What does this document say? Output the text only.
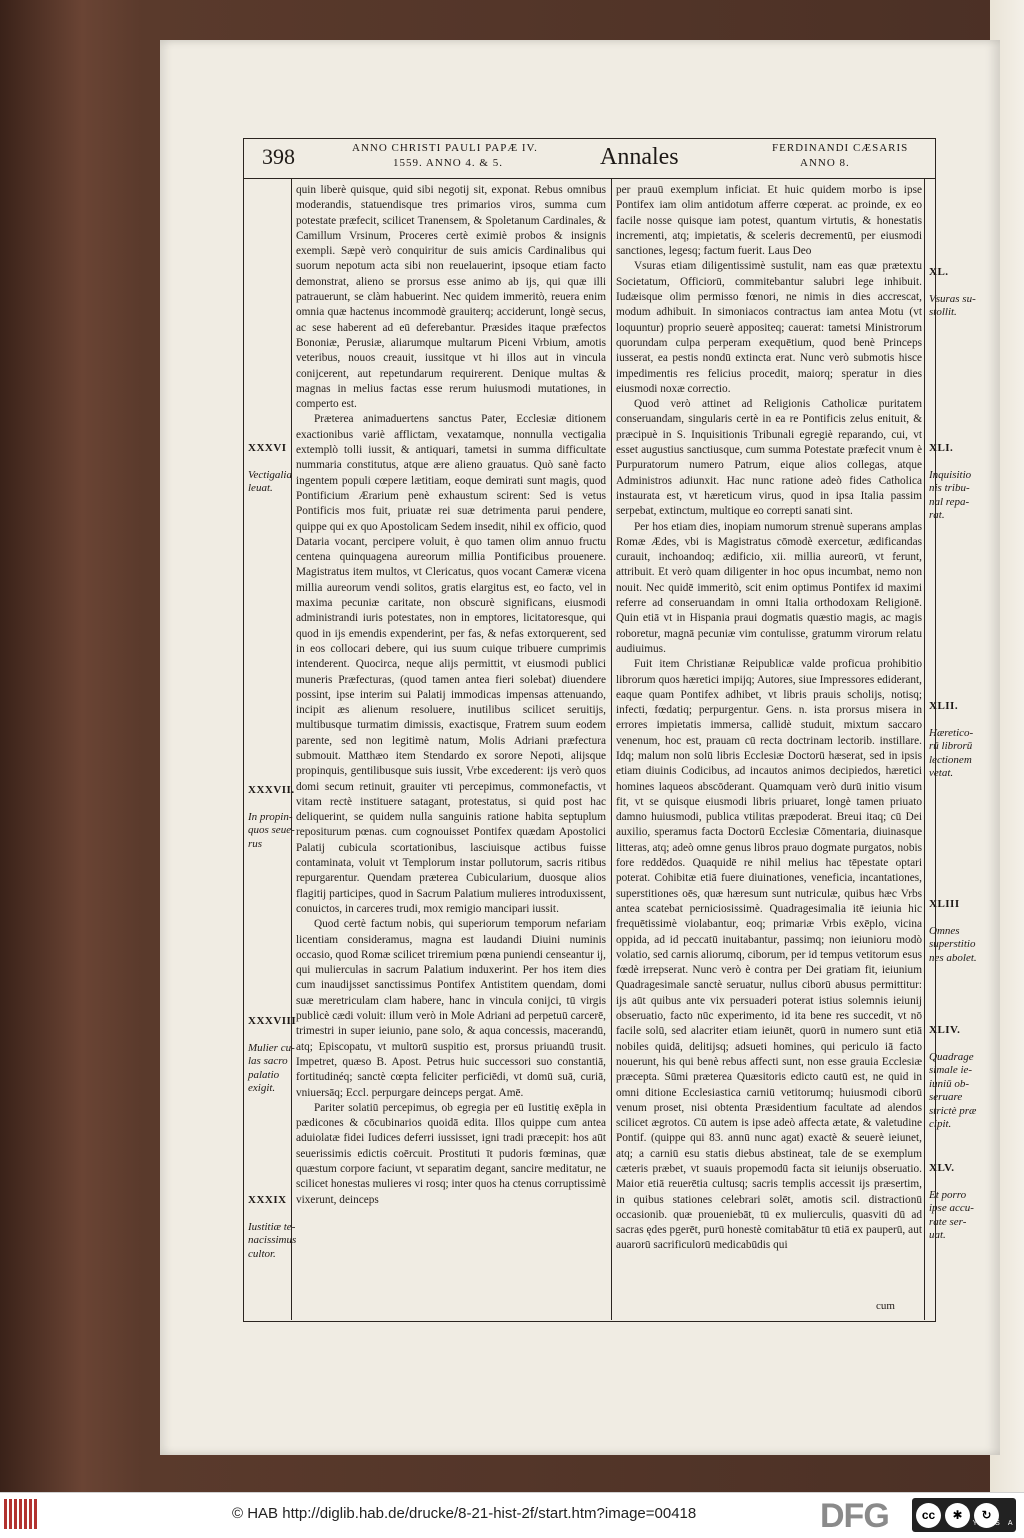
398	ANNO CHRISTI PAULI PAPÆ IV.
1559. ANNO 4. & 5.	Annales	FERDINANDI CÆSARIS
ANNO 8.

quin liberè quisque, quid sibi negotij sit, exponat. Rebus omnibus moderandis, statuendisque tres primarios viros, summa cum potestate præfecit, scilicet Tranensem, & Spoletanum Cardinales, & Camillum Vrsinum, Proceres certè eximiè probos & insignis exempli. Sæpè verò conquiritur de suis amicis Cardinalibus qui suorum nepotum acta sibi non reuelauerint, ipsoque etiam facto demonstrat, alieno se prorsus esse animo ab ijs, qui quæ illi patrauerunt, se clàm habuerint. Nec quidem immeritò, reuera enim omnia quæ hactenus incommodè grauiterq; acciderunt, longè secus, ac sese haberent ad eū deferebantur. Præsides itaque præfectos Bononiæ, Perusiæ, aliarumque multarum Piceni Vrbium, amotis veteribus, nouos creauit, iussitque vt hi illos aut in vincula conijcerent, aut repetundarum requirerent. Denique multas & magnas in melius factas esse rerum huiusmodi mutationes, in comperto est.

Præterea animaduertens sanctus Pater, Ecclesiæ ditionem exactionibus variè afflictam, vexatamque, nonnulla vectigalia extemplò tolli iussit, & antiquari, tametsi in summa difficultate nummaria constitutus, atque ære alieno grauatus. Quò sanè facto ingentem populi cœpere lætitiam, eoque demirati sunt magis, quod Pontificium Ærarium penè exhaustum scirent: Sed is vetus Pontificis mos fuit, priuatæ rei suæ detrimenta parui pendere, quippe qui ex quo Apostolicam Sedem insedit, nihil ex officio, quod Dataria vocant, percipere voluit, è quo tamen olim annuo fructu centena quinquagena aureorum millia Pontificibus prouenere. Magistratus item multos, vt Clericatus, quos vocant Cameræ vicena millia aureorum vendi solitos, gratis elargitus est, eo facto, vel in maxima pecuniæ caritate, non obscurè significans, eiusmodi administrandi iuris potestates, non in emptores, licitatoresque, qui quod in ijs emendis expenderint, per fas, & nefas extorquerent, sed in eos collocari debere, qui ius suum cuique tribuere cumprimis intenderent. Quocirca, neque alijs permittit, vt eiusmodi publici muneris Præfecturas, (quod tamen antea fieri solebat) diuendere possint, ipse interim sui Palatij immodicas impensas attenuando, incipit æs alienum resoluere, inutilibus scilicet seruitijs, multibusque turmatim dimissis, exactisque, Fratrem suum eodem parente, sed non legitimè natum, Molis Adriani præfectura submouit. Matthæo item Stendardo ex sorore Nepoti, alijsque propinquis, gentilibusque suis iussit, Vrbe excederent: ijs verò quos domi secum retinuit, grauiter vti percepimus, commonefactis, vt vitam rectè instituere satagant, protestatus, si quid post hac deliquerint, se quidem nulla sanguinis ratione habita septuplum repositurum pœnas. cum cognouisset Pontifex quædam Apostolici Palatij cubicula scortationibus, lasciuisque actibus fuisse contaminata, voluit vt Templorum instar pollutorum, sacris ritibus repurgarentur. Quendam præterea Cubicularium, duosque alios flagitij participes, quod in Sacrum Palatium mulieres introduxissent, conuictos, in carceres trudi, mox remigio mancipari iussit.

Quod certè factum nobis, qui superiorum temporum nefariam licentiam consideramus, magna est laudandi Diuini numinis occasio, quod Romæ scilicet triremium pœna puniendi censeantur ij, qui mulierculas in sacrum Palatium induxerint. Per hos item dies cum inaudijsset sanctissimus Pontifex Antistitem quendam, domi suæ meretriculam clam habere, hanc in vincula conijci, tū virgis publicè cædi voluit: illum verò in Mole Adriani ad perpetuū carcerē, trimestri in super ieiunio, pane solo, & aqua concessis, macerandū, atq; Episcopatu, vt multorū suspitio est, prorsus priuandū trusit. Impetret, quæso B. Apost. Petrus huic successori suo constantiā, fortitudinéq; sanctè cœpta feliciter perficiēdi, vt domū suā, curiā, vniuersāq; Eccl. perpurgare deinceps pergat. Amē.

Pariter solatiū percepimus, ob egregia per eū Iustitię exēpla in pædicones & cōcubinarios quoidā edita. Illos quippe cum antea aduiolatæ fidei Iudices deferri iussisset, igni tradi præcepit: hos aūt seuerissimis edictis coērcuit. Prostituti īt pudoris fœminas, quæ quæstum corpore faciunt, vt separatim degant, sancire meditatur, ne scilicet honestas mulieres vi rosq; inter quos ha ctenus corruptissimè vixerunt, deinceps

per prauū exemplum inficiat. Et huic quidem morbo is ipse Pontifex iam olim antidotum afferre cœperat. ac proinde, ex eo facile nosse quisque iam potest, quantum virtutis, & honestatis incrementi, atq; impietatis, & sceleris decrementū, per eiusmodi sanctiones, legesq; factum fuerit. Laus Deo

Vsuras etiam diligentissimè sustulit, nam eas quæ prætextu Societatum, Officiorū, commitebantur salubri lege inhibuit. Iudæisque olim permisso fœnori, ne nimis in dies accrescat, modum adhibuit. In simoniacos contractus iam antea Motu (vt loquuntur) proprio seuerè appositeq; cauerat: tametsi Ministrorum quorundam culpa perperam exequētium, quod benè Princeps iusserat, ea pestis nondū extincta erat. Nunc verò submotis hisce impedimentis res felicius procedit, maiorq; speratur in dies eiusmodi noxæ correctio.

Quod verò attinet ad Religionis Catholicæ puritatem conseruandam, singularis certè in ea re Pontificis zelus enituit, & præcipuè in S. Inquisitionis Tribunali egregiè reparando, cui, vt esset augustius sanctiusque, cum summa Potestate præfecit vnum è Purpuratorum numero Patrum, eique alios collegas, atque Administros adiunxit. Hac nunc ratione adeò fides Catholica instaurata est, vt hæreticum virus, quod in ipsa Italia passim serpebat, extinctum, multique eo correpti sanati sint.

Per hos etiam dies, inopiam numorum strenuè superans amplas Romæ Ædes, vbi is Magistratus cōmodè exercetur, ædificandas curauit, inchoandoq; ædificio, xii. millia aureorū, vt ferunt, attribuit. Et verò quam diligenter in hoc opus incumbat, nemo non nouit. Nec quidē immeritò, scit enim optimus Pontifex id maximi referre ad conseruandam in omni Italia orthodoxam Religionē. Quin etiā vt in Hispania praui dogmatis quæstio magis, ac magis roboretur, magnā pecuniæ vim contulisse, gratumm virorum relatu audiuimus.

Fuit item Christianæ Reipublicæ valde proficua prohibitio librorum quos hæretici impijq; Autores, siue Impressores ediderant, eaque quam Pontifex adhibet, vt libris prauis scholijs, notisq; infecti, fœdatiq; perpurgentur. Gens. n. ista prorsus misera in errores impietatis immersa, callidè studuit, mixtum saccaro venenum, hoc est, prauam cū recta doctrinam lectorib. instillare. Idq; malum non solū libris Ecclesiæ Doctorū hæserat, sed in ipsis etiam diuinis Codicibus, ad incautos animos decipiedos, hæretici homines laqueos abscōderant. Quamquam verò durū initio visum fit, vt se quisque eiusmodi libris priuaret, longè tamen priuato damno huiusmodi, publica vtilitas præpoderat. Breui itaq; cū Dei auxilio, speramus facta Doctorū Ecclesiæ Cōmentaria, diuinasque litteras, atq; adeò omne genus libros prauo dogmate purgatos, nobis fore reddēdos. Quaquidē re nihil melius hac tēpestate optari poterat. Cohibitæ etiā fuere diuinationes, veneficia, incantationes, superstitiones oēs, quæ hæresum sunt nutriculæ, quibus hæc Vrbs antea scatebat perniciosissimè. Quadragesimalia itē ieiunia hic frequētissimè violabantur, eoq; primariæ Vrbis exēplo, vicina oppida, ad id peccatū inuitabantur, passimq; non ieiunioru modò volatio, sed carnis aliorumq, ciborum, per id tempus vetitorum esus fœdè irrepserat. Nunc verò è contra per Dei gratiam fit, ieiunium Quadragesimale sanctè seruatur, nullus ciborū abusus permittitur: ijs aūt quibus ante vix persuaderi poterat istius solemnis ieiunij obseruatio, facto nūc experimento, id ita bene res succedit, vt nō facile solū, sed alacriter etiam ieiunēt, quorū in numero sunt etiā nobiles quidā, delitijsq; adsueti homines, qui periculo iā facto nouerunt, his qui benè rebus affecti sunt, non esse grauia Ecclesiæ præcepta. Sūmi præterea Quæsitoris edicto cautū est, ne quid in omni ditione Ecclesiastica carniū vetitorumq; huiusmodi ciborū venum proset, nisi obtenta Præsidentium facultate ad alendos scilicet ægrotos. Cū autem is ipse adeò affecta ætate, & valetudine Pontif. (quippe qui 83. annū nunc agat) exactè & seuerè ieiunet, atq; a carniū esu statis diebus abstineat, tale de se exemplum cæteris præbet, vt suauis propemodū facta sit ieiunijs obseruatio. Maior etiā reuerētia cultusq; sacris templis accessit ijs præsertim, in quibus stationes celebrari solēt, amotis scil. distractionū occasionib. quæ proueniebāt, tū ex mulierculis, quasviti dū ad sacras ędes pgerēt, purū honestè comitabātur tū etiā ex pauperū, aut auarorū sacrificulorū medicabūdis qui

XXXVI

Vectigalia
leuat.

XXXVII.

In propin-
quos seue-
rus

XXXVIII

Mulier cu-
las sacro
palatio
exigit.

XXXIX

Iustitiæ te-
nacissimus
cultor.

XL.

Vsuras su-
stollit.

XLI.

Inquisitio
nis tribu-
nal repa-
rat.

XLII.

Hæretico-
rū librorū
lectionem
vetat.

XLIII

Omnes
superstitio
nes abolet.

XLIV.

Quadrage
simale ie-
iuniū ob-
seruare
strictè præ
cipit.

XLV.

Et porro
ipse accu-
rate ser-
uat.

cum
© HAB http://diglib.hab.de/drucke/8-21-hist-2f/start.htm?image=00418	DFG	cc	✱	↻
BY SA
